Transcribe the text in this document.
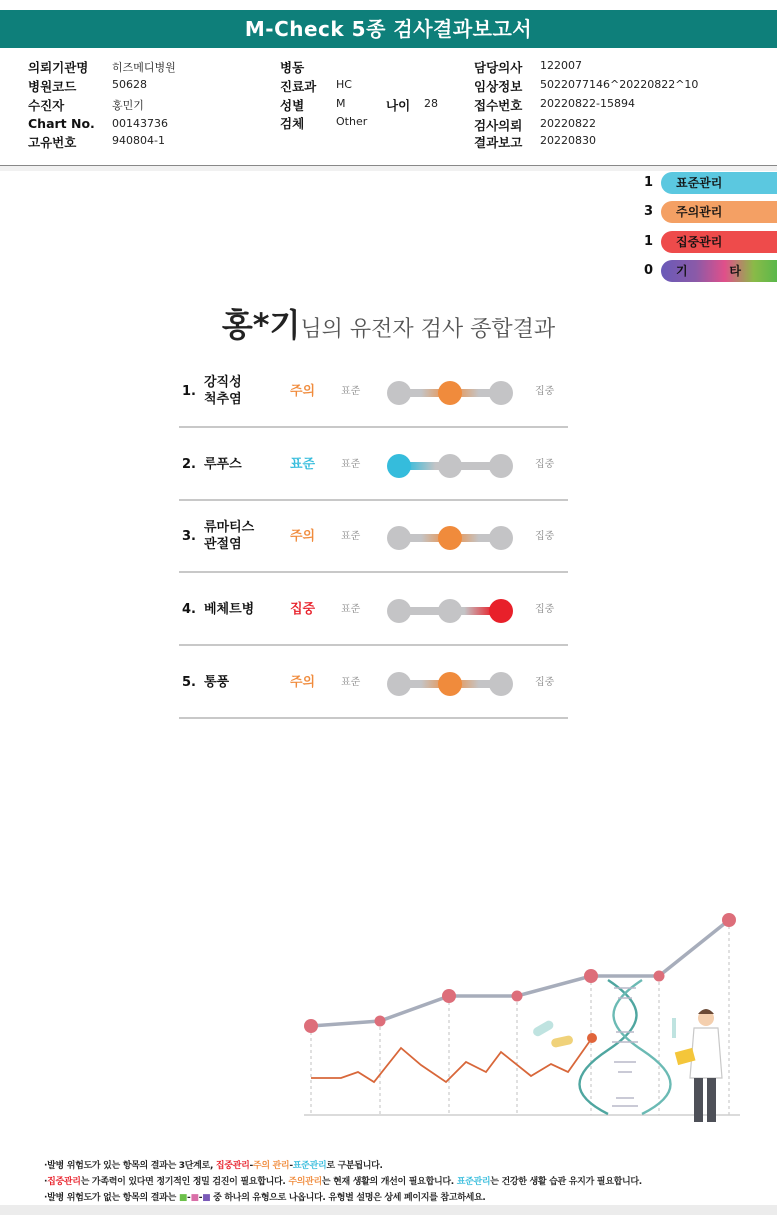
M-Check 5종 검사결과보고서
의뢰기관명 히즈메디병원
병원코드	50628
수진자	홍민기
Chart No. 00143736
고유번호	940804-1
병동
진료과 HC
성별	M
검체	Other
나이 28
담당의사 122007
임상정보 5022077146^20220822^10
접수번호 20220822-15894
검사의뢰 20220822
결과보고 20220830
1	표준관리
3	주의관리
1	집중관리
0 기	타
홍*기님의 유전자 검사 종합결과
1.
강직성
척추염
주의	표준	집중
2. 루푸스	표준	표준	집중
3.
류마티스
관절염
주의	표준	집중
4. 베체트병	집중	표준	집중
5. 통풍	주의	표준	집중

·발병 위험도가 있는 항목의 결과는 3단계로, 집중관리-주의 관리-표준관리로 구분됩니다.

·집중관리는 가족력이 있다면 정기적인 정밀 검진이 필요합니다. 주의관리는 현재 생활의 개선이 필요합니다. 표준관리는 건강한 생활 습관 유지가 필요합니다.

·발병 위험도가 없는 항목의 결과는 ■-■-■ 중 하나의 유형으로 나옵니다. 유형별 설명은 상세 페이지를 참고하세요.
